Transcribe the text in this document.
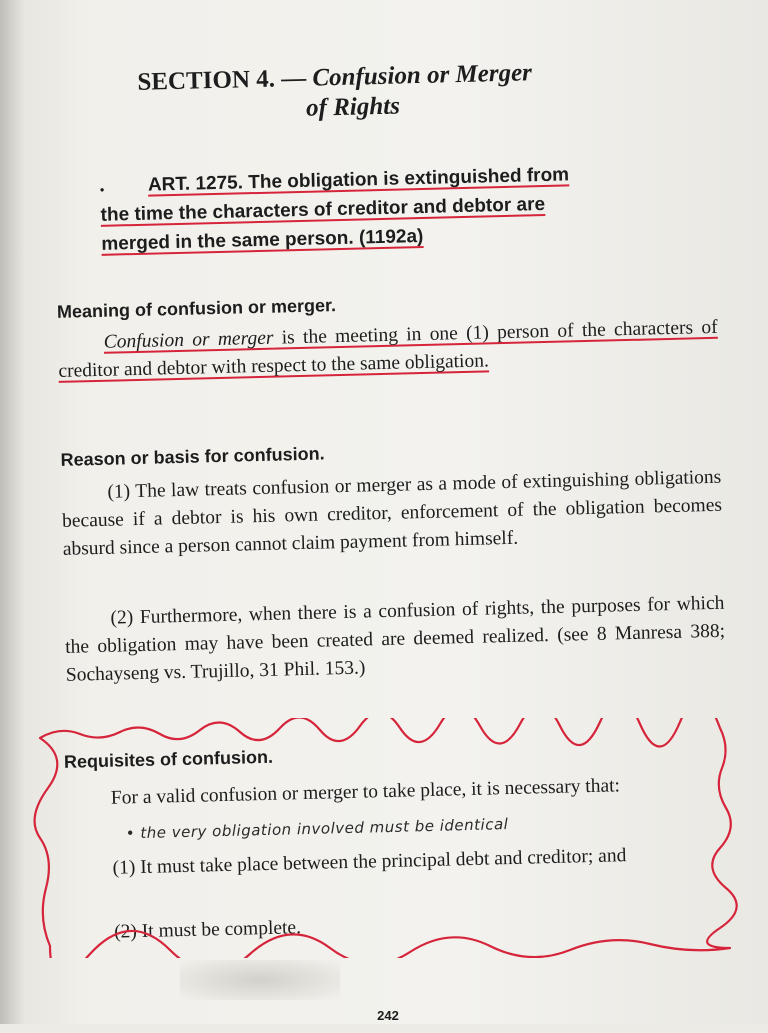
SECTION 4. — Confusion or Merger
of Rights
•	ART. 1275. The obligation is extinguished from
the time the characters of creditor and debtor are
merged in the same person. (1192a)
Meaning of confusion or merger.
Confusion or merger is the meeting in one (1) person of the characters of creditor and debtor with respect to the same obligation.
Reason or basis for confusion.
(1) The law treats confusion or merger as a mode of extinguishing obligations because if a debtor is his own creditor, enforcement of the obligation becomes absurd since a person cannot claim payment from himself.
(2) Furthermore, when there is a confusion of rights, the purposes for which the obligation may have been created are deemed realized. (see 8 Manresa 388; Sochayseng vs. Trujillo, 31 Phil. 153.)
Requisites of confusion.
For a valid confusion or merger to take place, it is necessary that:
• the very obligation involved must be identical
(1) It must take place between the principal debt and creditor; and
(2) It must be complete.
242
